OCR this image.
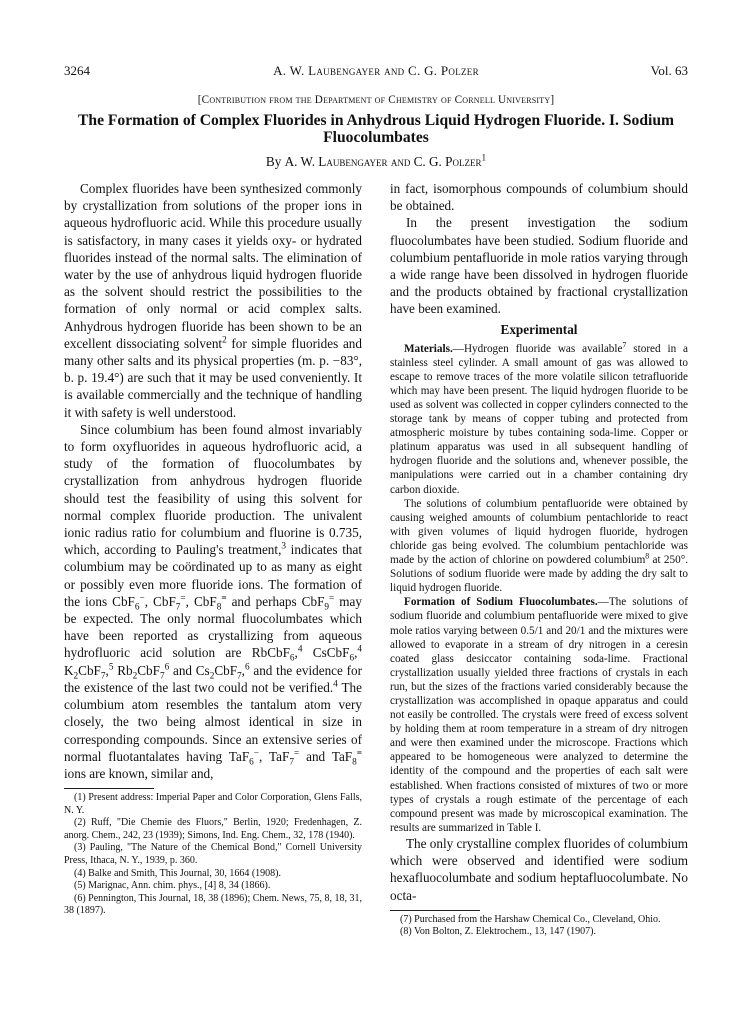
3264	A. W. Laubengayer and C. G. Polzer	Vol. 63
[Contribution from the Department of Chemistry of Cornell University]
The Formation of Complex Fluorides in Anhydrous Liquid Hydrogen Fluoride. I. Sodium Fluocolumbates
By A. W. Laubengayer and C. G. Polzer$^1$

Complex fluorides have been synthesized commonly by crystallization from solutions of the proper ions in aqueous hydrofluoric acid. While this procedure usually is satisfactory, in many cases it yields oxy- or hydrated fluorides instead of the normal salts. The elimination of water by the use of anhydrous liquid hydrogen fluoride as the solvent should restrict the possibilities to the formation of only normal or acid complex salts. Anhydrous hydrogen fluoride has been shown to be an excellent dissociating solvent$^2$ for simple fluorides and many other salts and its physical properties (m. p. −83°, b. p. 19.4°) are such that it may be used conveniently. It is available commercially and the technique of handling it with safety is well understood.

Since columbium has been found almost invariably to form oxyfluorides in aqueous hydrofluoric acid, a study of the formation of fluocolumbates by crystallization from anhydrous hydrogen fluoride should test the feasibility of using this solvent for normal complex fluoride production. The univalent ionic radius ratio for columbium and fluorine is 0.735, which, according to Pauling's treatment,$^3$ indicates that columbium may be coördinated up to as many as eight or possibly even more fluoride ions. The formation of the ions CbF$_6$−, CbF$_7$=, CbF$_8$≡ and perhaps CbF$_9$= may be expected. The only normal fluocolumbates which have been reported as crystallizing from aqueous hydrofluoric acid solution are RbCbF$_6$,$^4$ CsCbF$_6$,$^4$ $K_2CbF_7,^5$ $Rb_2CbF_7^6$ and $Cs_2CbF_7,^6$ and the evidence for the existence of the last two could not be verified.$^4$ The columbium atom resembles the tantalum atom very closely, the two being almost identical in size in corresponding compounds. Since an extensive series of normal fluotantalates having TaF$_6$−, TaF$_7$= and TaF$_8$≡ ions are known, similar and,

(1) Present address: Imperial Paper and Color Corporation, Glens Falls, N. Y.

(2) Ruff, "Die Chemie des Fluors," Berlin, 1920; Fredenhagen, Z. anorg. Chem., 242, 23 (1939); Simons, Ind. Eng. Chem., 32, 178 (1940).

(3) Pauling, "The Nature of the Chemical Bond," Cornell University Press, Ithaca, N. Y., 1939, p. 360.

(4) Balke and Smith, This Journal, 30, 1664 (1908).

(5) Marignac, Ann. chim. phys., [4] 8, 34 (1866).

(6) Pennington, This Journal, 18, 38 (1896); Chem. News, 75, 8, 18, 31, 38 (1897).

in fact, isomorphous compounds of columbium should be obtained.

In the present investigation the sodium fluocolumbates have been studied. Sodium fluoride and columbium pentafluoride in mole ratios varying through a wide range have been dissolved in hydrogen fluoride and the products obtained by fractional crystallization have been examined.

Experimental

Materials.—Hydrogen fluoride was available$^7$ stored in a stainless steel cylinder. A small amount of gas was allowed to escape to remove traces of the more volatile silicon tetrafluoride which may have been present. The liquid hydrogen fluoride to be used as solvent was collected in copper cylinders connected to the storage tank by means of copper tubing and protected from atmospheric moisture by tubes containing soda-lime. Copper or platinum apparatus was used in all subsequent handling of hydrogen fluoride and the solutions and, whenever possible, the manipulations were carried out in a chamber containing dry carbon dioxide.

The solutions of columbium pentafluoride were obtained by causing weighed amounts of columbium pentachloride to react with given volumes of liquid hydrogen fluoride, hydrogen chloride gas being evolved. The columbium pentachloride was made by the action of chlorine on powdered columbium$^8$ at 250°. Solutions of sodium fluoride were made by adding the dry salt to liquid hydrogen fluoride.

Formation of Sodium Fluocolumbates.—The solutions of sodium fluoride and columbium pentafluoride were mixed to give mole ratios varying between 0.5/1 and 20/1 and the mixtures were allowed to evaporate in a stream of dry nitrogen in a ceresin coated glass desiccator containing soda-lime. Fractional crystallization usually yielded three fractions of crystals in each run, but the sizes of the fractions varied considerably because the crystallization was accomplished in opaque apparatus and could not easily be controlled. The crystals were freed of excess solvent by holding them at room temperature in a stream of dry nitrogen and were then examined under the microscope. Fractions which appeared to be homogeneous were analyzed to determine the identity of the compound and the properties of each salt were established. When fractions consisted of mixtures of two or more types of crystals a rough estimate of the percentage of each compound present was made by microscopical examination. The results are summarized in Table I.

The only crystalline complex fluorides of columbium which were observed and identified were sodium hexafluocolumbate and sodium heptafluocolumbate. No octa-

(7) Purchased from the Harshaw Chemical Co., Cleveland, Ohio.

(8) Von Bolton, Z. Elektrochem., 13, 147 (1907).
